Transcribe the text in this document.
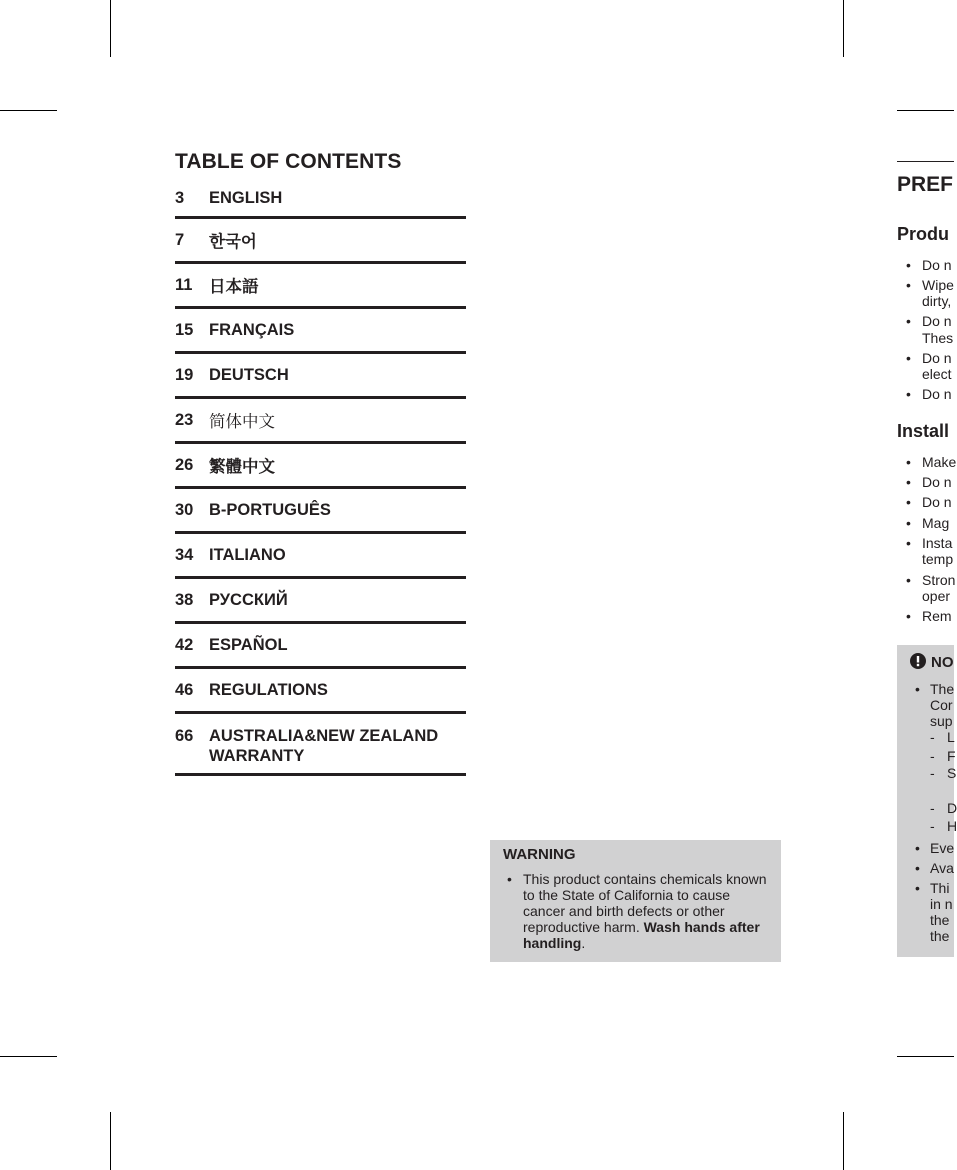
TABLE OF CONTENTS
3	ENGLISH
7	한국어
11	日本語
15 FRANÇAIS
19 DEUTSCH
23 简体中文
26 繁體中文
30 B-PORTUGUÊS
34 ITALIANO
38 РУССКИЙ
42 ESPAÑOL
46 REGULATIONS
66 AUSTRALIA&NEW ZEALAND
WARRANTY
WARNING
• This product contains chemicals known to the State of California to cause cancer and birth defects or other reproductive harm. Wash hands after handling.
PREF
Produ
• Do n
• Wipe
dirty,
• Do n
Thes
• Do n
elect
• Do n
Install
• Make
• Do n
• Do n
• Mag
• Insta
temp
• Stron
oper
• Rem
NO
• The
Cor
sup
- L
- F
- S
- D
- H
• Eve
• Ava
• Thi
in n
the
the
